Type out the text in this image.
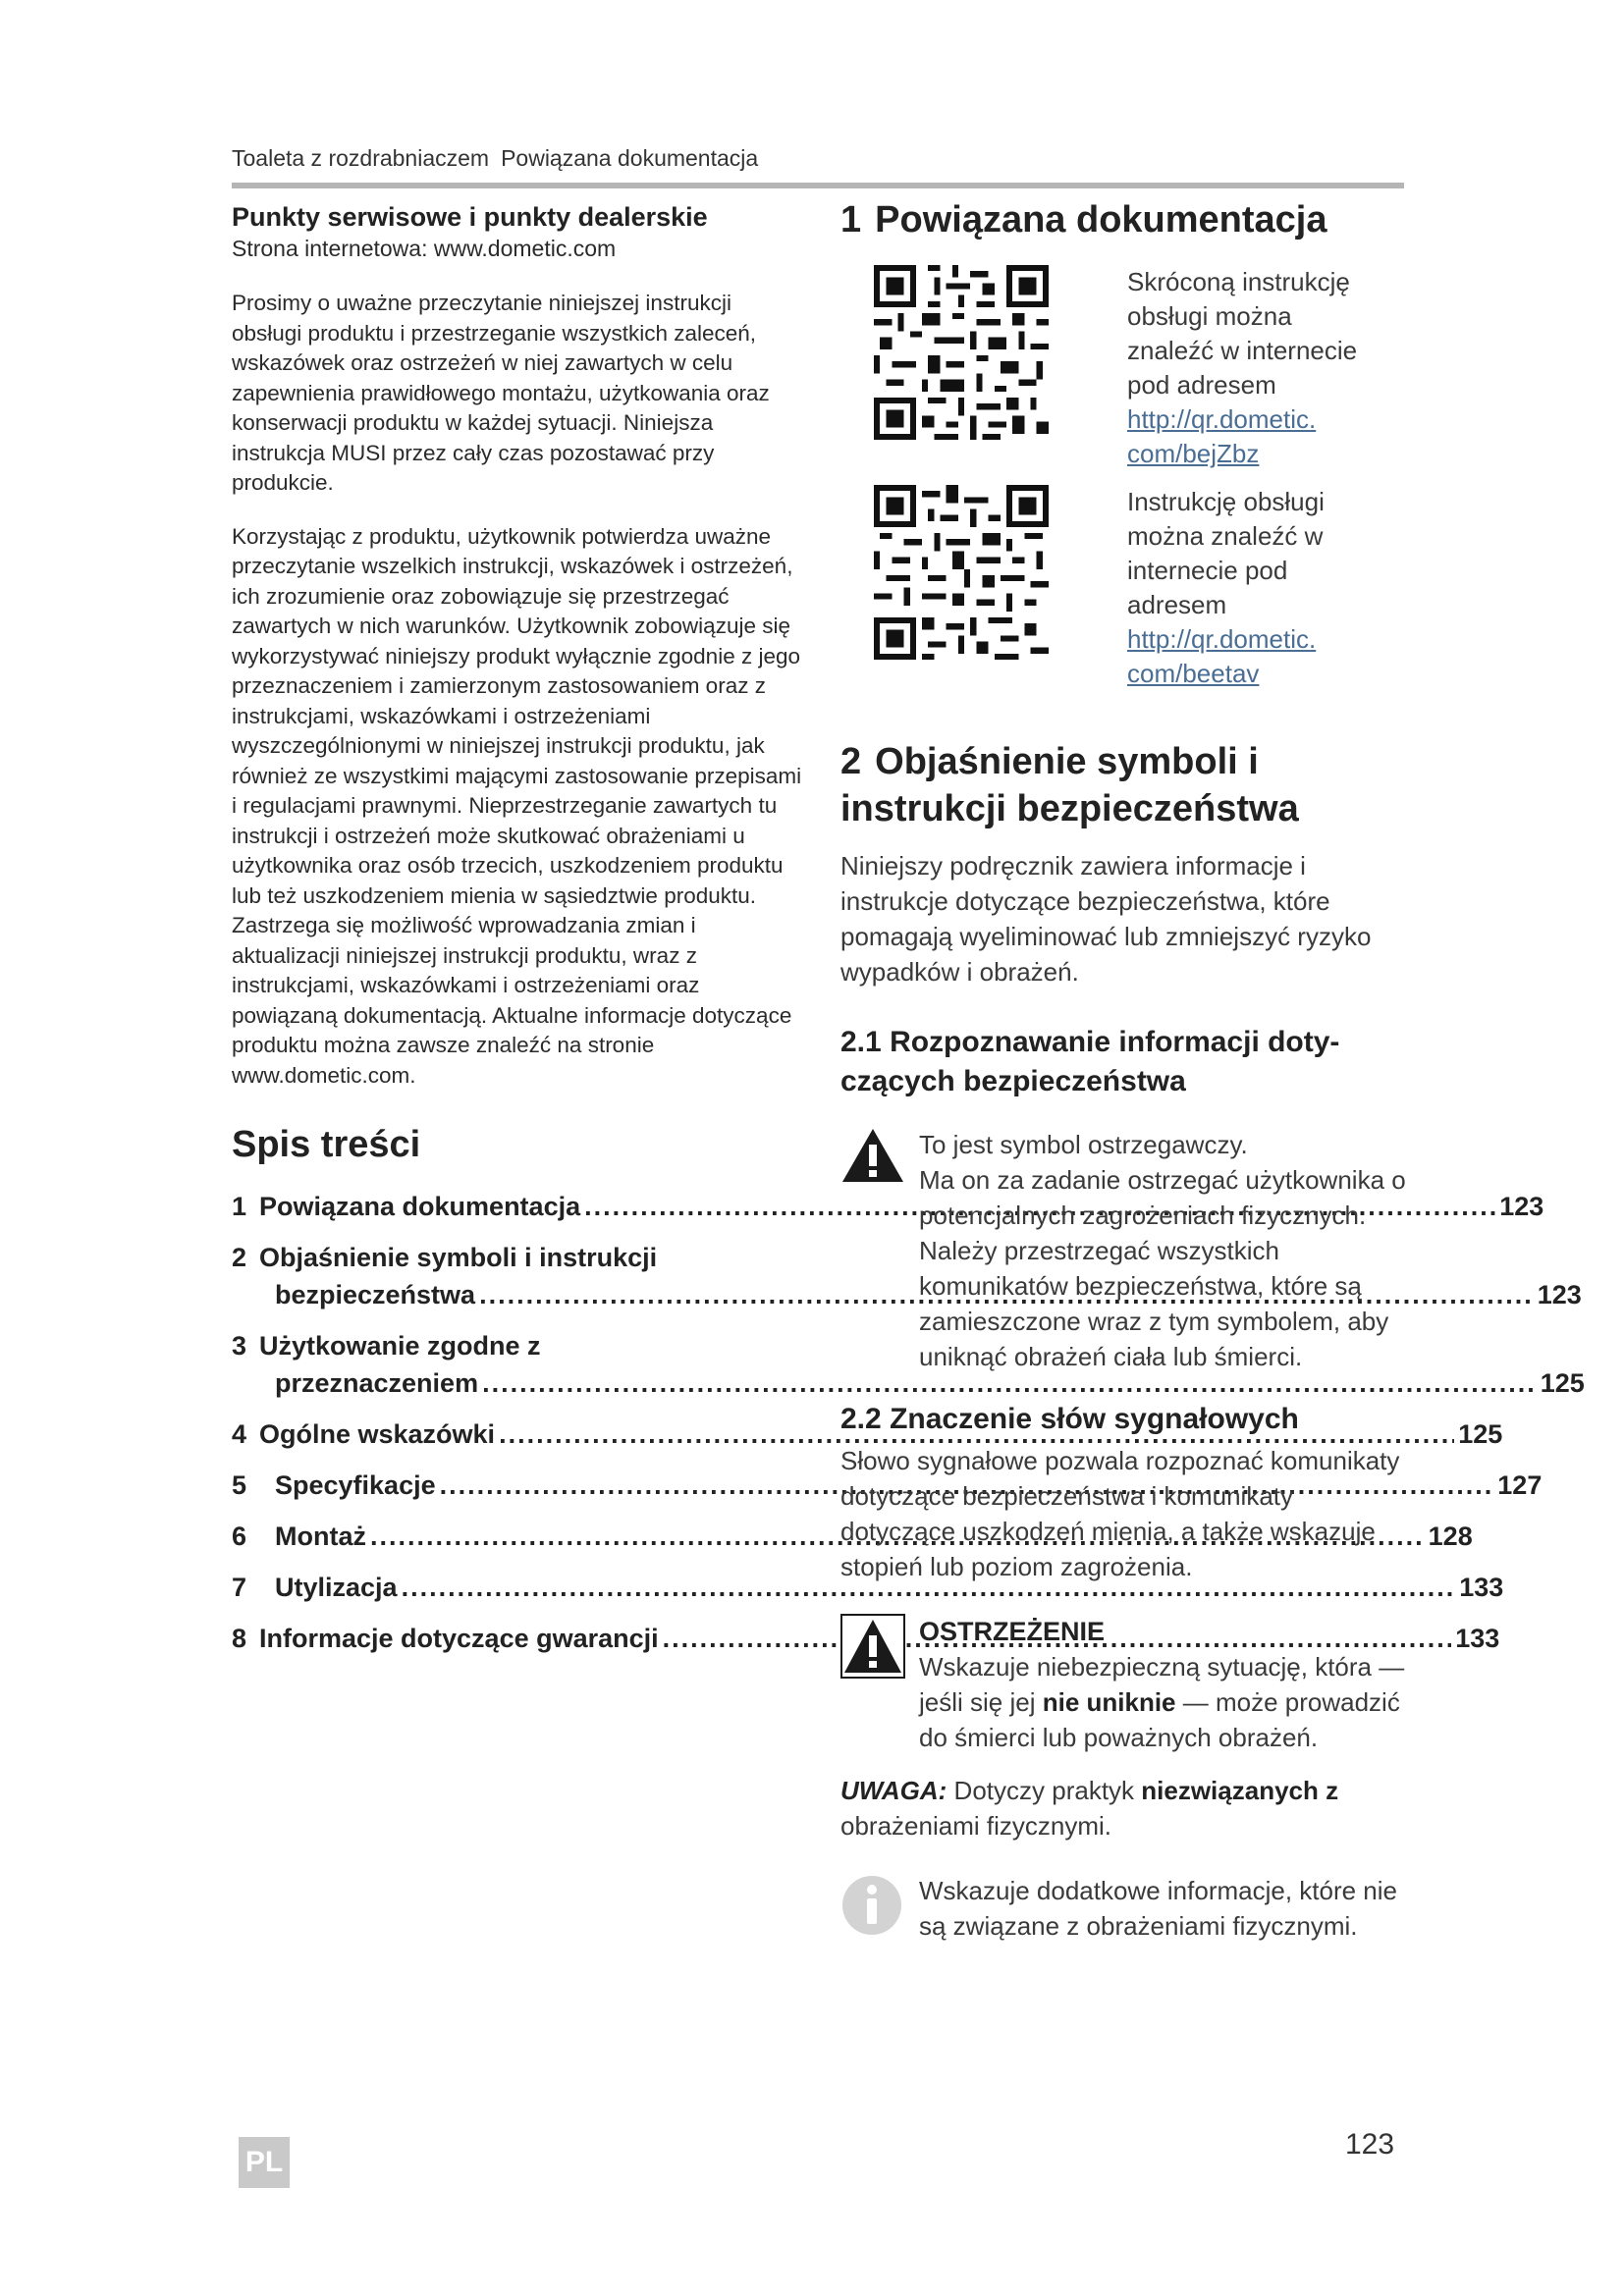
Toaleta z rozdrabniaczem Powiązana dokumentacja
Punkty serwisowe i punkty dealerskie
Strona internetowa: www.dometic.com

Prosimy o uważne przeczytanie niniejszej instrukcji obsługi produktu i przestrzeganie wszystkich zaleceń, wskazówek oraz ostrzeżeń w niej zawartych w celu zapewnienia prawidłowego montażu, użytkowania oraz konserwacji produktu w każdej sytuacji. Niniejsza instrukcja MUSI przez cały czas pozostawać przy produkcie.

Korzystając z produktu, użytkownik potwierdza uważne przeczytanie wszelkich instrukcji, wskazówek i ostrzeżeń, ich zrozumienie oraz zobowiązuje się przestrzegać zawartych w nich warunków. Użytkownik zobowiązuje się wykorzystywać niniejszy produkt wyłącznie zgodnie z jego przeznaczeniem i zamierzonym zastosowaniem oraz z instrukcjami, wskazówkami i ostrzeżeniami wyszczególnionymi w niniejszej instrukcji produktu, jak również ze wszystkimi mającymi zastosowanie przepisami i regulacjami prawnymi. Nieprzestrzeganie zawartych tu instrukcji i ostrzeżeń może skutkować obrażeniami u użytkownika oraz osób trzecich, uszkodzeniem produktu lub też uszkodzeniem mienia w sąsiedztwie produktu. Zastrzega się możliwość wprowadzania zmian i aktualizacji niniejszej instrukcji produktu, wraz z instrukcjami, wskazówkami i ostrzeżeniami oraz powiązaną dokumentacją. Aktualne informacje dotyczące produktu można zawsze znaleźć na stronie www.dometic.com.

Spis treści
1 Powiązana dokumentacja .....	123
2 Objaśnienie symboli i instrukcji
bezpieczeństwa .....	123
3 Użytkowanie zgodne z
przeznaczeniem .....	125
4 Ogólne wskazówki .....	125
5	Specyfikacje .....	127
6	Montaż .....	128
7	Utylizacja .....	133
8 Informacje dotyczące gwarancji .....	133
1 Powiązana dokumentacja
Skróconą instrukcję obsługi można znaleźć w internecie pod adresem
http://qr.dometic.
com/bejZbz
Instrukcję obsługi można znaleźć w internecie pod adresem
http://qr.dometic.
com/beetav
2 Objaśnienie symboli i instrukcji bezpieczeństwa

Niniejszy podręcznik zawiera informacje i instrukcje dotyczące bezpieczeństwa, które pomagają wyeliminować lub zmniejszyć ryzyko wypadków i obrażeń.

2.1 Rozpoznawanie informacji doty- czących bezpieczeństwa
To jest symbol ostrzegawczy.
Ma on za zadanie ostrzegać użytkownika o potencjalnych zagrożeniach fizycznych. Należy przestrzegać wszystkich komunikatów bezpieczeństwa, które są zamieszczone wraz z tym symbolem, aby uniknąć obrażeń ciała lub śmierci.
2.2 Znaczenie słów sygnałowych

Słowo sygnałowe pozwala rozpoznać komunikaty dotyczące bezpieczeństwa i komunikaty dotyczące uszkodzeń mienia, a także wskazuje stopień lub poziom zagrożenia.

OSTRZEŻENIE
Wskazuje niebezpieczną sytuację, która — jeśli się jej nie uniknie — może prowadzić do śmierci lub poważnych obrażeń.

UWAGA: Dotyczy praktyk niezwiązanych z obrażeniami fizycznymi.

Wskazuje dodatkowe informacje, które nie są związane z obrażeniami fizycznymi.
PL
123
